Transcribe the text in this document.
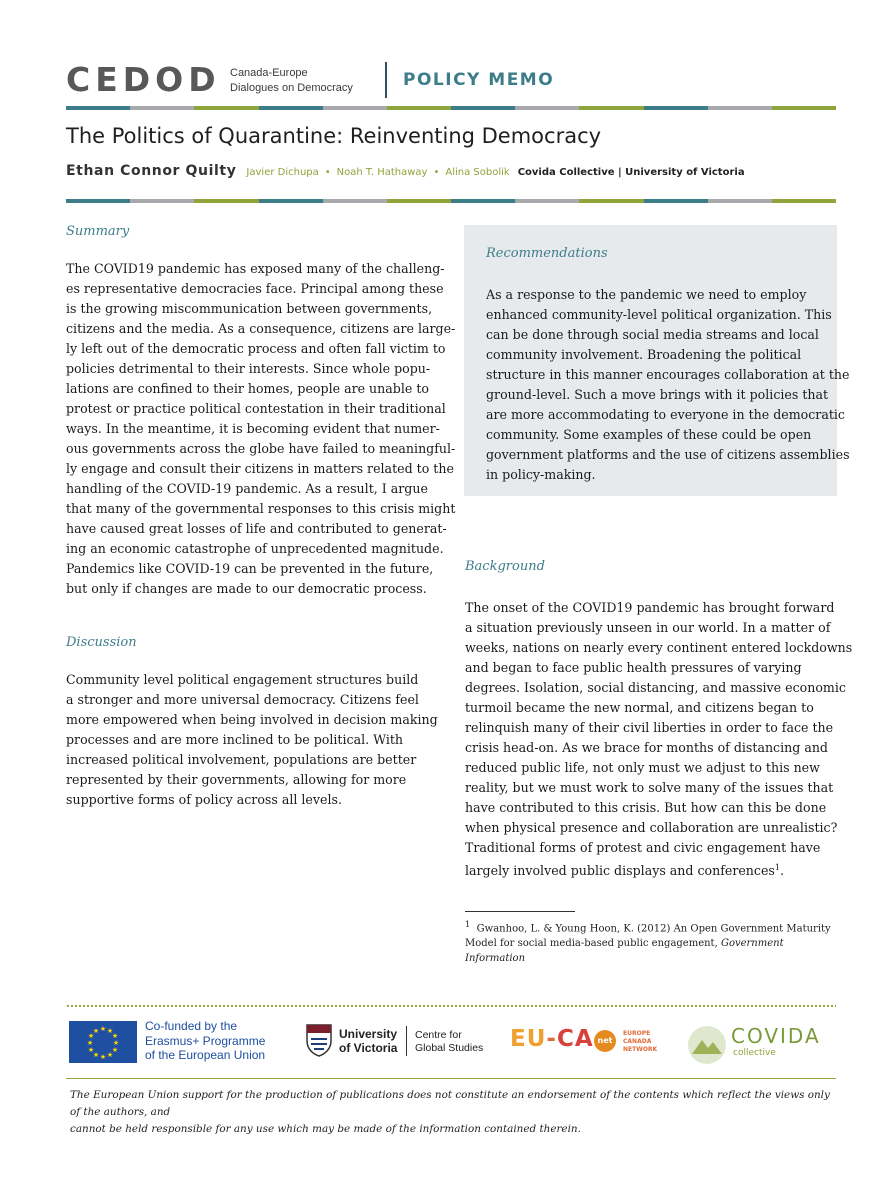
CEDOD Canada-Europe
Dialogues on Democracy	POLICY MEMO
The Politics of Quarantine: Reinventing Democracy
Ethan Connor Quilty Javier Dichupa • Noah T. Hathaway • Alina Sobolik Covida Collective | University of Victoria
Summary
The COVID19 pandemic has exposed many of the challeng-
es representative democracies face. Principal among these
is the growing miscommunication between governments,
citizens and the media. As a consequence, citizens are large-
ly left out of the democratic process and often fall victim to
policies detrimental to their interests. Since whole popu-
lations are confined to their homes, people are unable to
protest or practice political contestation in their traditional
ways. In the meantime, it is becoming evident that numer-
ous governments across the globe have failed to meaningful-
ly engage and consult their citizens in matters related to the
handling of the COVID-19 pandemic. As a result, I argue
that many of the governmental responses to this crisis might
have caused great losses of life and contributed to generat-
ing an economic catastrophe of unprecedented magnitude.
Pandemics like COVID-19 can be prevented in the future,
but only if changes are made to our democratic process.
Discussion
Community level political engagement structures build
a stronger and more universal democracy. Citizens feel
more empowered when being involved in decision making
processes and are more inclined to be political. With
increased political involvement, populations are better
represented by their governments, allowing for more
supportive forms of policy across all levels.
Recommendations
As a response to the pandemic we need to employ
enhanced community-level political organization. This
can be done through social media streams and local
community involvement. Broadening the political
structure in this manner encourages collaboration at the
ground-level. Such a move brings with it policies that
are more accommodating to everyone in the democratic
community. Some examples of these could be open
government platforms and the use of citizens assemblies
in policy-making.
Background
The onset of the COVID19 pandemic has brought forward
a situation previously unseen in our world. In a matter of
weeks, nations on nearly every continent entered lockdowns
and began to face public health pressures of varying
degrees. Isolation, social distancing, and massive economic
turmoil became the new normal, and citizens began to
relinquish many of their civil liberties in order to face the
crisis head-on. As we brace for months of distancing and
reduced public life, not only must we adjust to this new
reality, but we must work to solve many of the issues that
have contributed to this crisis. But how can this be done
when physical presence and collaboration are unrealistic?
Traditional forms of protest and civic engagement have
largely involved public displays and conferences$^1$.
$^1$ Gwanhoo, L. & Young Hoon, K. (2012) An Open Government Maturity
Model for social media-based public engagement, Government Information
★ ★
★
★
★
★
★
★
★
★
★
★	Co-funded by the
Erasmus+ Programme
of the European Union
University
of Victoria
Centre for
Global Studies EU-CA net
EUROPE
CANADA
NETWORK
COVIDA
collective
The European Union support for the production of publications does not constitute an endorsement of the contents which reflect the views only of the authors, and
cannot be held responsible for any use which may be made of the information contained therein.
